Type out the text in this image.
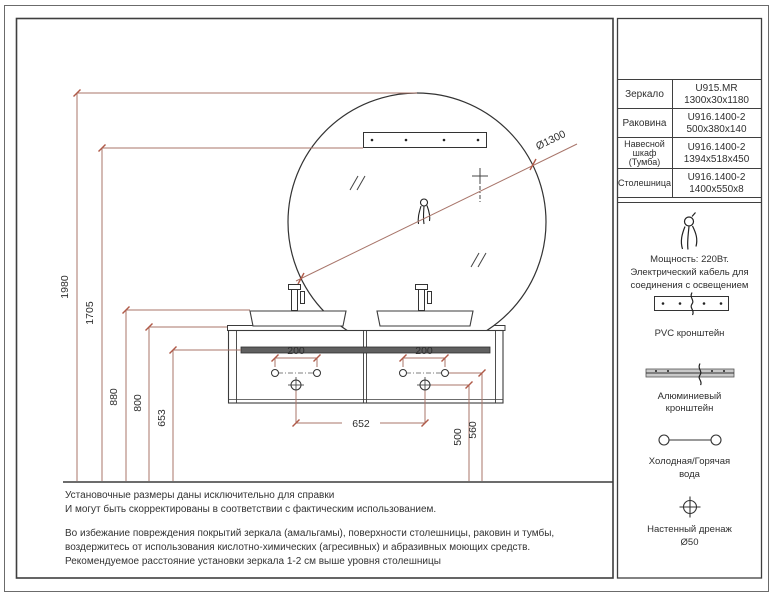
Зеркало
U915.MR
1300x30x1180
Раковина
U916.1400-2
500x380x140
Навесной
шкаф
(Тумба)
U916.1400-2
1394x518x450
Столешница U916.1400-2
1400x550x8
Мощность: 220Вт.
Электрический кабель для
соединения с освещением
PVC кронштейн
Алюминиевый
кронштейн
Холодная/Горячая
вода
Настенный дренаж
Ø50
Ø1300
1980
1705
880 800
653
200	200
652
500 560
Установочные размеры даны исключительно для справки
И могут быть скорректированы в соответствии с фактическим использованием.
Во избежание повреждения покрытий зеркала (амальгамы), поверхности столешницы, раковин и тумбы,
воздержитесь от использования кислотно-химических (агресивных) и абразивных моющих средств.
Рекомендуемое расстояние установки зеркала 1-2 см выше уровня столешницы
